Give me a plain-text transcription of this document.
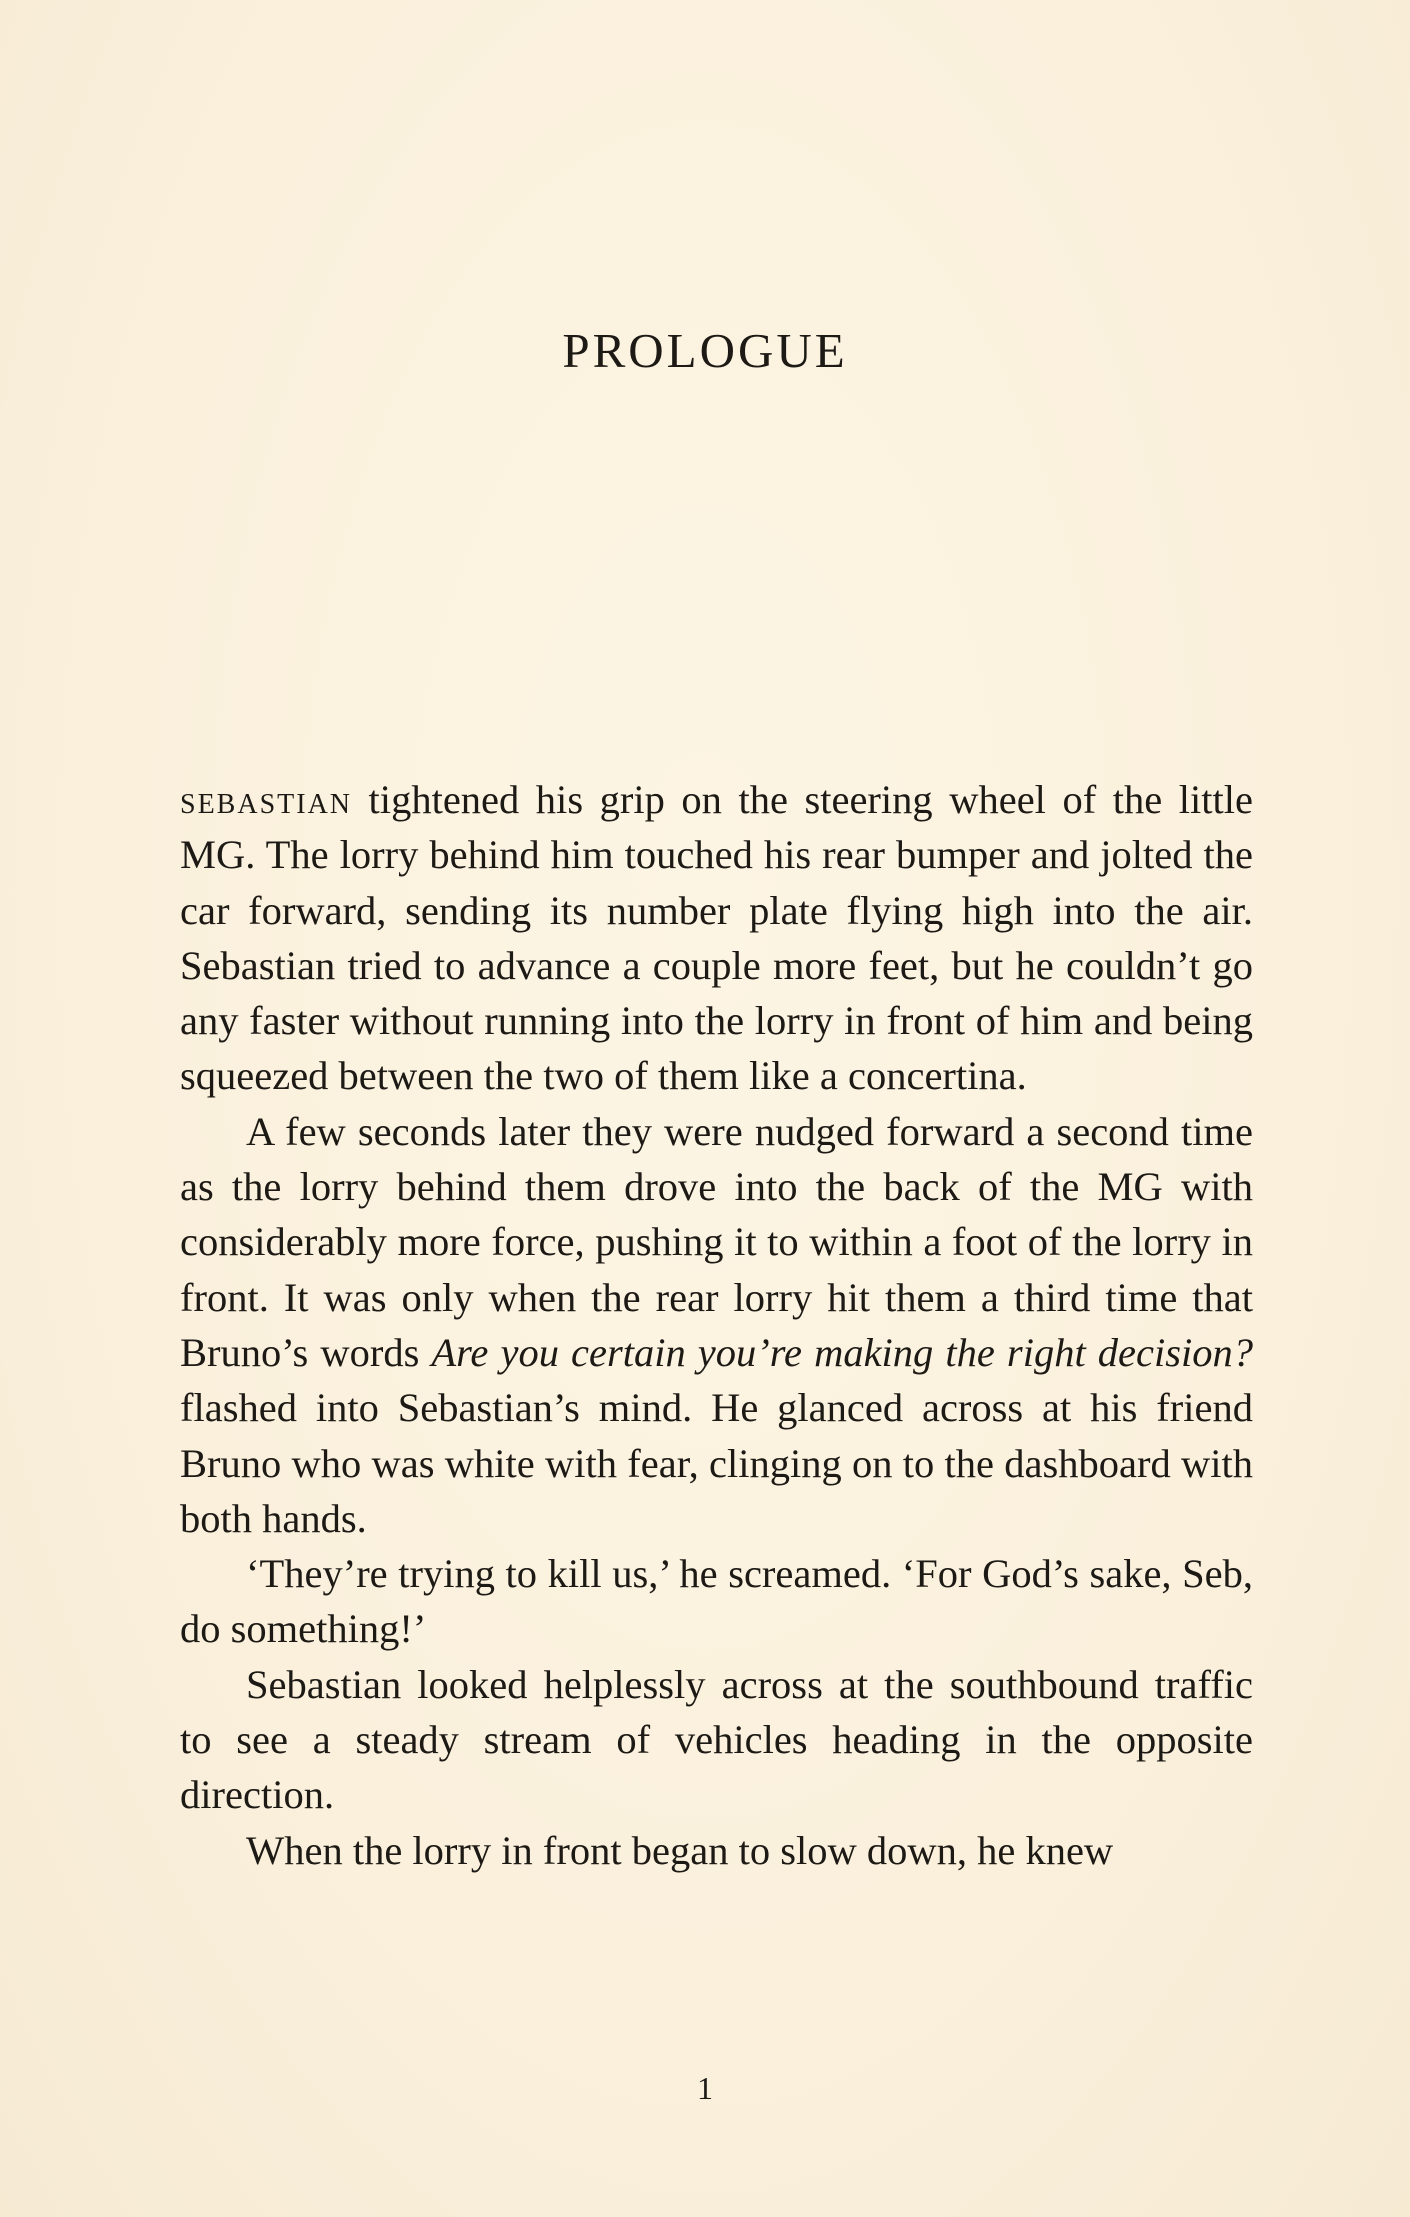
PROLOGUE

sebastian tightened his grip on the steering wheel of the little MG. The lorry behind him touched his rear bumper and jolted the car forward, sending its number plate flying high into the air. Sebastian tried to advance a couple more feet, but he couldn’t go any faster without running into the lorry in front of him and being squeezed between the two of them like a concertina.

A few seconds later they were nudged forward a second time as the lorry behind them drove into the back of the MG with considerably more force, pushing it to within a foot of the lorry in front. It was only when the rear lorry hit them a third time that Bruno’s words Are you certain you’re making the right decision? flashed into Sebastian’s mind. He glanced across at his friend Bruno who was white with fear, clinging on to the dashboard with both hands.

‘They’re trying to kill us,’ he screamed. ‘For God’s sake, Seb, do something!’

Sebastian looked helplessly across at the southbound traffic to see a steady stream of vehicles heading in the opposite direction.

When the lorry in front began to slow down, he knew

1
